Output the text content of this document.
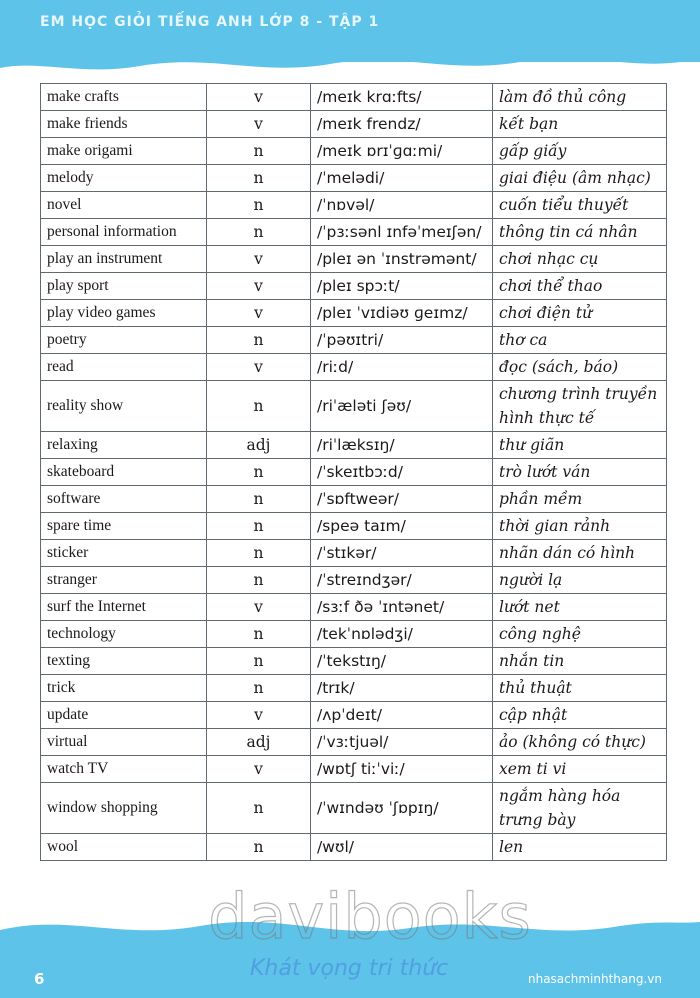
EM HỌC GIỎI TIẾNG ANH LỚP 8 - TẬP 1
make crafts	v	/meɪk krɑːfts/	làm đồ thủ công
make friends	v	/meɪk frendz/	kết bạn
make origami	n	/meɪk ɒrɪˈɡɑːmi/	gấp giấy
melody	n	/ˈmelədi/	giai điệu (âm nhạc)
novel	n	/ˈnɒvəl/	cuốn tiểu thuyết
personal information	n	/ˈpɜːsənl ɪnfəˈmeɪʃən/	thông tin cá nhân
play an instrument	v	/pleɪ ən ˈɪnstrəmənt/	chơi nhạc cụ
play sport	v	/pleɪ spɔːt/	chơi thể thao
play video games	v	/pleɪ ˈvɪdiəʊ ɡeɪmz/	chơi điện tử
poetry	n	/ˈpəʊɪtri/	thơ ca
read	v	/riːd/	đọc (sách, báo)
reality show	n	/riˈæləti ʃəʊ/	chương trình truyền hình thực tế
relaxing	adj	/riˈlæksɪŋ/	thư giãn
skateboard	n	/ˈskeɪtbɔːd/	trò lướt ván
software	n	/ˈsɒftweər/	phần mềm
spare time	n	/speə taɪm/	thời gian rảnh
sticker	n	/ˈstɪkər/	nhãn dán có hình
stranger	n	/ˈstreɪndʒər/	người lạ
surf the Internet	v	/sɜːf ðə ˈɪntənet/	lướt net
technology	n	/tekˈnɒlədʒi/	công nghệ
texting	n	/ˈtekstɪŋ/	nhắn tin
trick	n	/trɪk/	thủ thuật
update	v	/ʌpˈdeɪt/	cập nhật
virtual	adj	/ˈvɜːtjuəl/	ảo (không có thực)
watch TV	v	/wɒtʃ tiːˈviː/	xem ti vi
window shopping	n	/ˈwɪndəʊ ˈʃɒpɪŋ/	ngắm hàng hóa trưng bày
wool	n	/wʊl/	len
davibooks
Khát vọng tri thức
6	nhasachminhthang.vn
